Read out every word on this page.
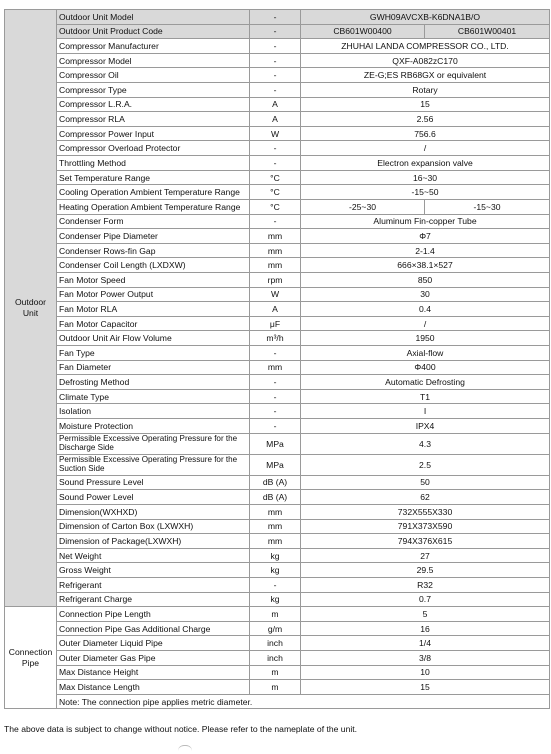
Outdoor Unit	Outdoor Unit Model	-	GWH09AVCXB-K6DNA1B/O	
	Outdoor Unit Product Code	-	CB601W00400	CB601W00401
	Compressor Manufacturer	-	ZHUHAI LANDA COMPRESSOR CO., LTD.	
	Compressor Model	-	QXF-A082zC170	
	Compressor Oil	-	ZE-G;ES RB68GX or equivalent	
	Compressor Type	-	Rotary	
	Compressor L.R.A.	A	15	
	Compressor RLA	A	2.56	
	Compressor Power Input	W	756.6	
	Compressor Overload Protector	-	/	
	Throttling Method	-	Electron expansion valve	
	Set Temperature Range	°C	16~30	
	Cooling Operation Ambient Temperature Range	°C	-15~50	
	Heating Operation Ambient Temperature Range	°C	-25~30	-15~30
	Condenser Form	-	Aluminum Fin-copper Tube	
	Condenser Pipe Diameter	mm	Φ7	
	Condenser Rows-fin Gap	mm	2-1.4	
	Condenser Coil Length (LXDXW)	mm	666×38.1×527	
	Fan Motor Speed	rpm	850	
	Fan Motor Power Output	W	30	
	Fan Motor RLA	A	0.4	
	Fan Motor Capacitor	μF	/	
	Outdoor Unit Air Flow Volume	m³/h	1950	
	Fan Type	-	Axial-flow	
	Fan Diameter	mm	Φ400	
	Defrosting Method	-	Automatic Defrosting	
	Climate Type	-	T1	
	Isolation	-	I	
	Moisture Protection	-	IPX4	
	Permissible Excessive Operating Pressure for the Discharge Side	MPa	4.3	
	Permissible Excessive Operating Pressure for the Suction Side	MPa	2.5	
	Sound Pressure Level	dB (A)	50	
	Sound Power Level	dB (A)	62	
	Dimension(WXHXD)	mm	732X555X330	
	Dimension of Carton Box (LXWXH)	mm	791X373X590	
	Dimension of Package(LXWXH)	mm	794X376X615	
	Net Weight	kg	27	
	Gross Weight	kg	29.5	
	Refrigerant	-	R32	
	Refrigerant Charge	kg	0.7	
Connection Pipe	Connection Pipe Length	m	5	
	Connection Pipe Gas Additional Charge	g/m	16	
	Outer Diameter Liquid Pipe	inch	1/4	
	Outer Diameter Gas Pipe	inch	3/8	
	Max Distance Height	m	10	
	Max Distance Length	m	15	
	Note: The connection pipe applies metric diameter.			

The above data is subject to change without notice. Please refer to the nameplate of the unit.
